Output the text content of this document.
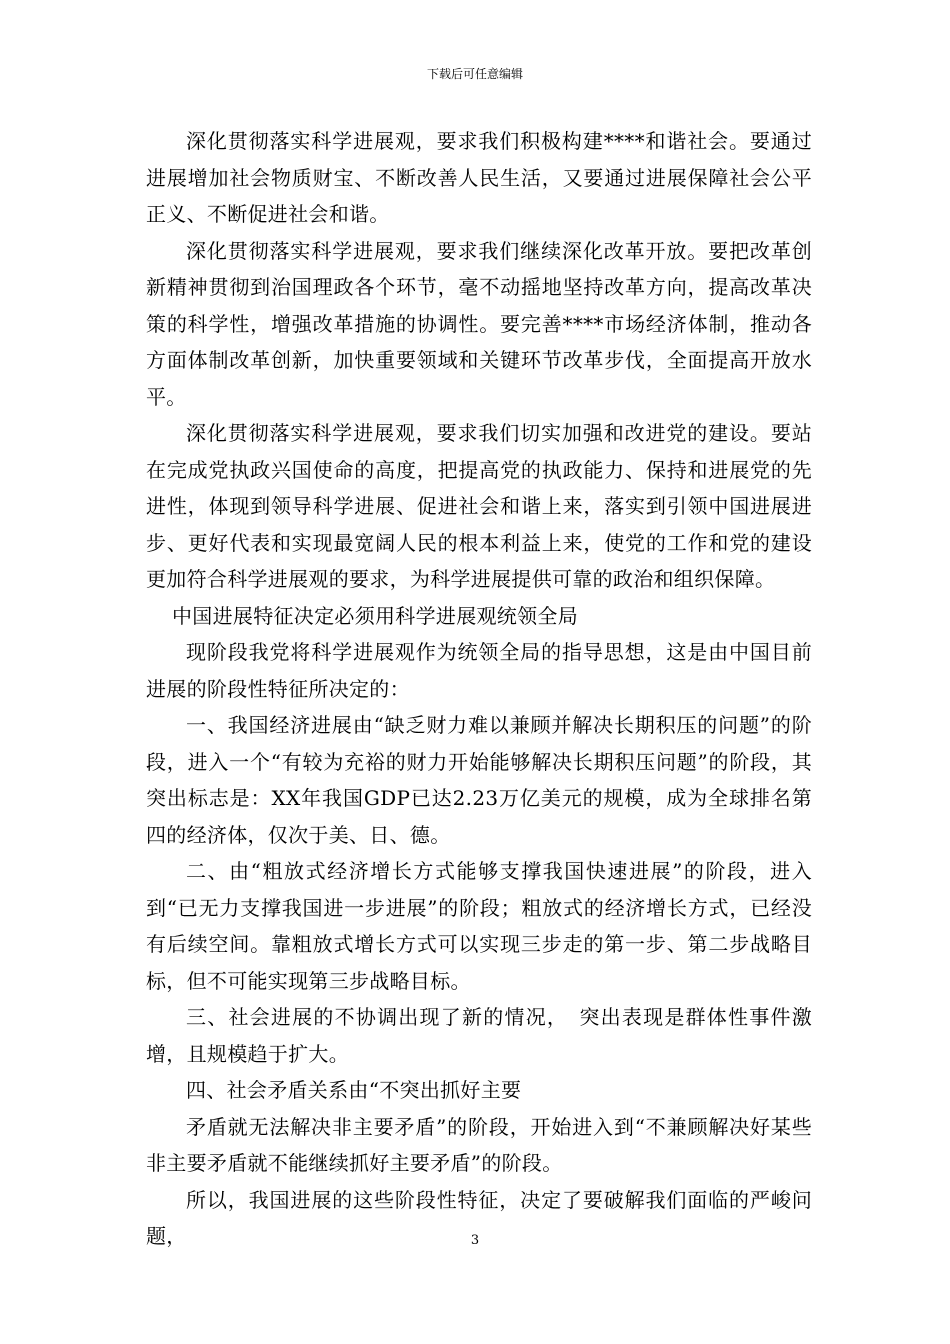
下载后可任意编辑

深化贯彻落实科学进展观，要求我们积极构建****和谐社会。要通过进展增加社会物质财宝、不断改善人民生活，又要通过进展保障社会公平正义、不断促进社会和谐。

深化贯彻落实科学进展观，要求我们继续深化改革开放。要把改革创新精神贯彻到治国理政各个环节，毫不动摇地坚持改革方向，提高改革决策的科学性，增强改革措施的协调性。要完善****市场经济体制，推动各方面体制改革创新，加快重要领域和关键环节改革步伐，全面提高开放水平。

深化贯彻落实科学进展观，要求我们切实加强和改进党的建设。要站在完成党执政兴国使命的高度，把提高党的执政能力、保持和进展党的先进性，体现到领导科学进展、促进社会和谐上来，落实到引领中国进展进步、更好代表和实现最宽阔人民的根本利益上来，使党的工作和党的建设更加符合科学进展观的要求，为科学进展提供可靠的政治和组织保障。

中国进展特征决定必须用科学进展观统领全局

现阶段我党将科学进展观作为统领全局的指导思想，这是由中国目前进展的阶段性特征所决定的：

一、我国经济进展由“缺乏财力难以兼顾并解决长期积压的问题”的阶段，进入一个“有较为充裕的财力开始能够解决长期积压问题”的阶段，其突出标志是：XX年我国GDP已达2.23万亿美元的规模，成为全球排名第四的经济体，仅次于美、日、德。

二、由“粗放式经济增长方式能够支撑我国快速进展”的阶段，进入到“已无力支撑我国进一步进展”的阶段；粗放式的经济增长方式，已经没有后续空间。靠粗放式增长方式可以实现三步走的第一步、第二步战略目标，但不可能实现第三步战略目标。

三、社会进展的不协调出现了新的情况，　突出表现是群体性事件激增，且规模趋于扩大。

四、社会矛盾关系由“不突出抓好主要

矛盾就无法解决非主要矛盾”的阶段，开始进入到“不兼顾解决好某些非主要矛盾就不能继续抓好主要矛盾”的阶段。

所以，我国进展的这些阶段性特征，决定了要破解我们面临的严峻问题，	3
